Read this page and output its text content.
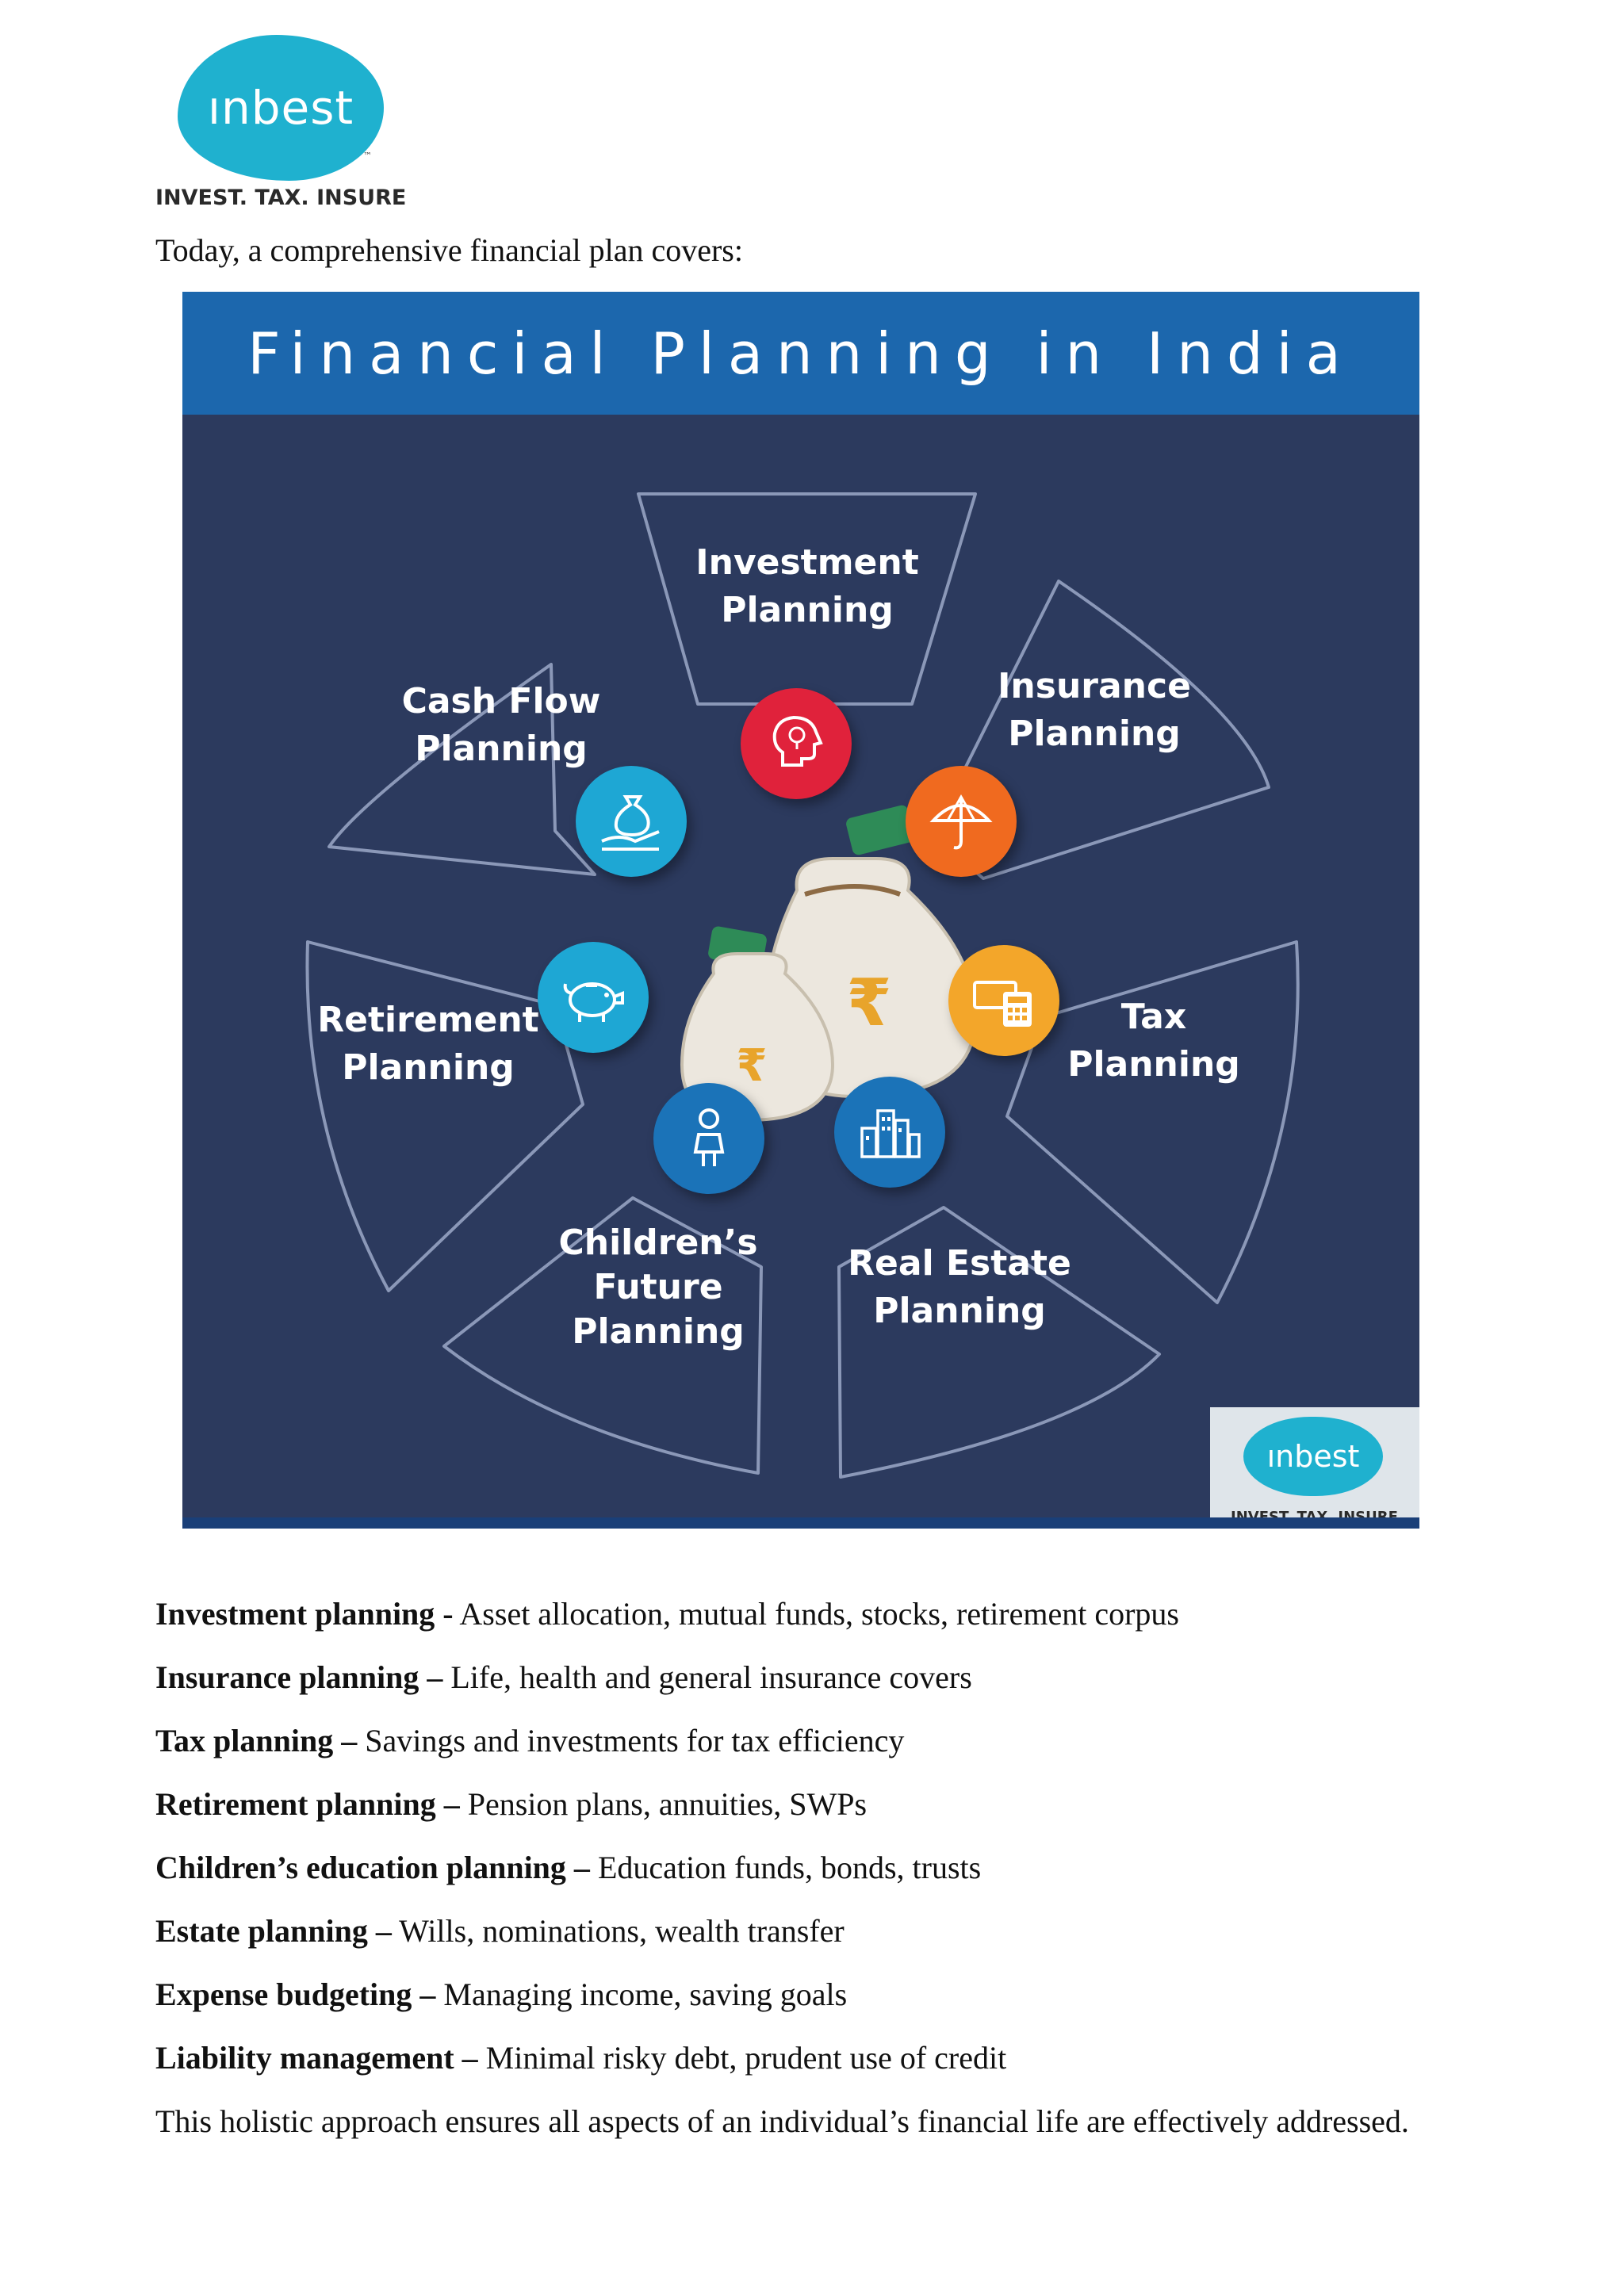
ınbest
™
INVEST. TAX. INSURE
Today, a comprehensive financial plan covers:
Financial Planning in India
₹
₹
Investment
Planning
Insurance
Planning
Tax
Planning
Real Estate
Planning
Children’s
Future
Planning
Retirement
Planning
Cash Flow
Planning
ınbest
Investment planning - Asset allocation, mutual funds, stocks, retirement corpus
Insurance planning – Life, health and general insurance covers
Tax planning – Savings and investments for tax efficiency
Retirement planning – Pension plans, annuities, SWPs
Children’s education planning – Education funds, bonds, trusts
Estate planning – Wills, nominations, wealth transfer
Expense budgeting – Managing income, saving goals
Liability management – Minimal risky debt, prudent use of credit
This holistic approach ensures all aspects of an individual’s financial life are effectively addressed.
